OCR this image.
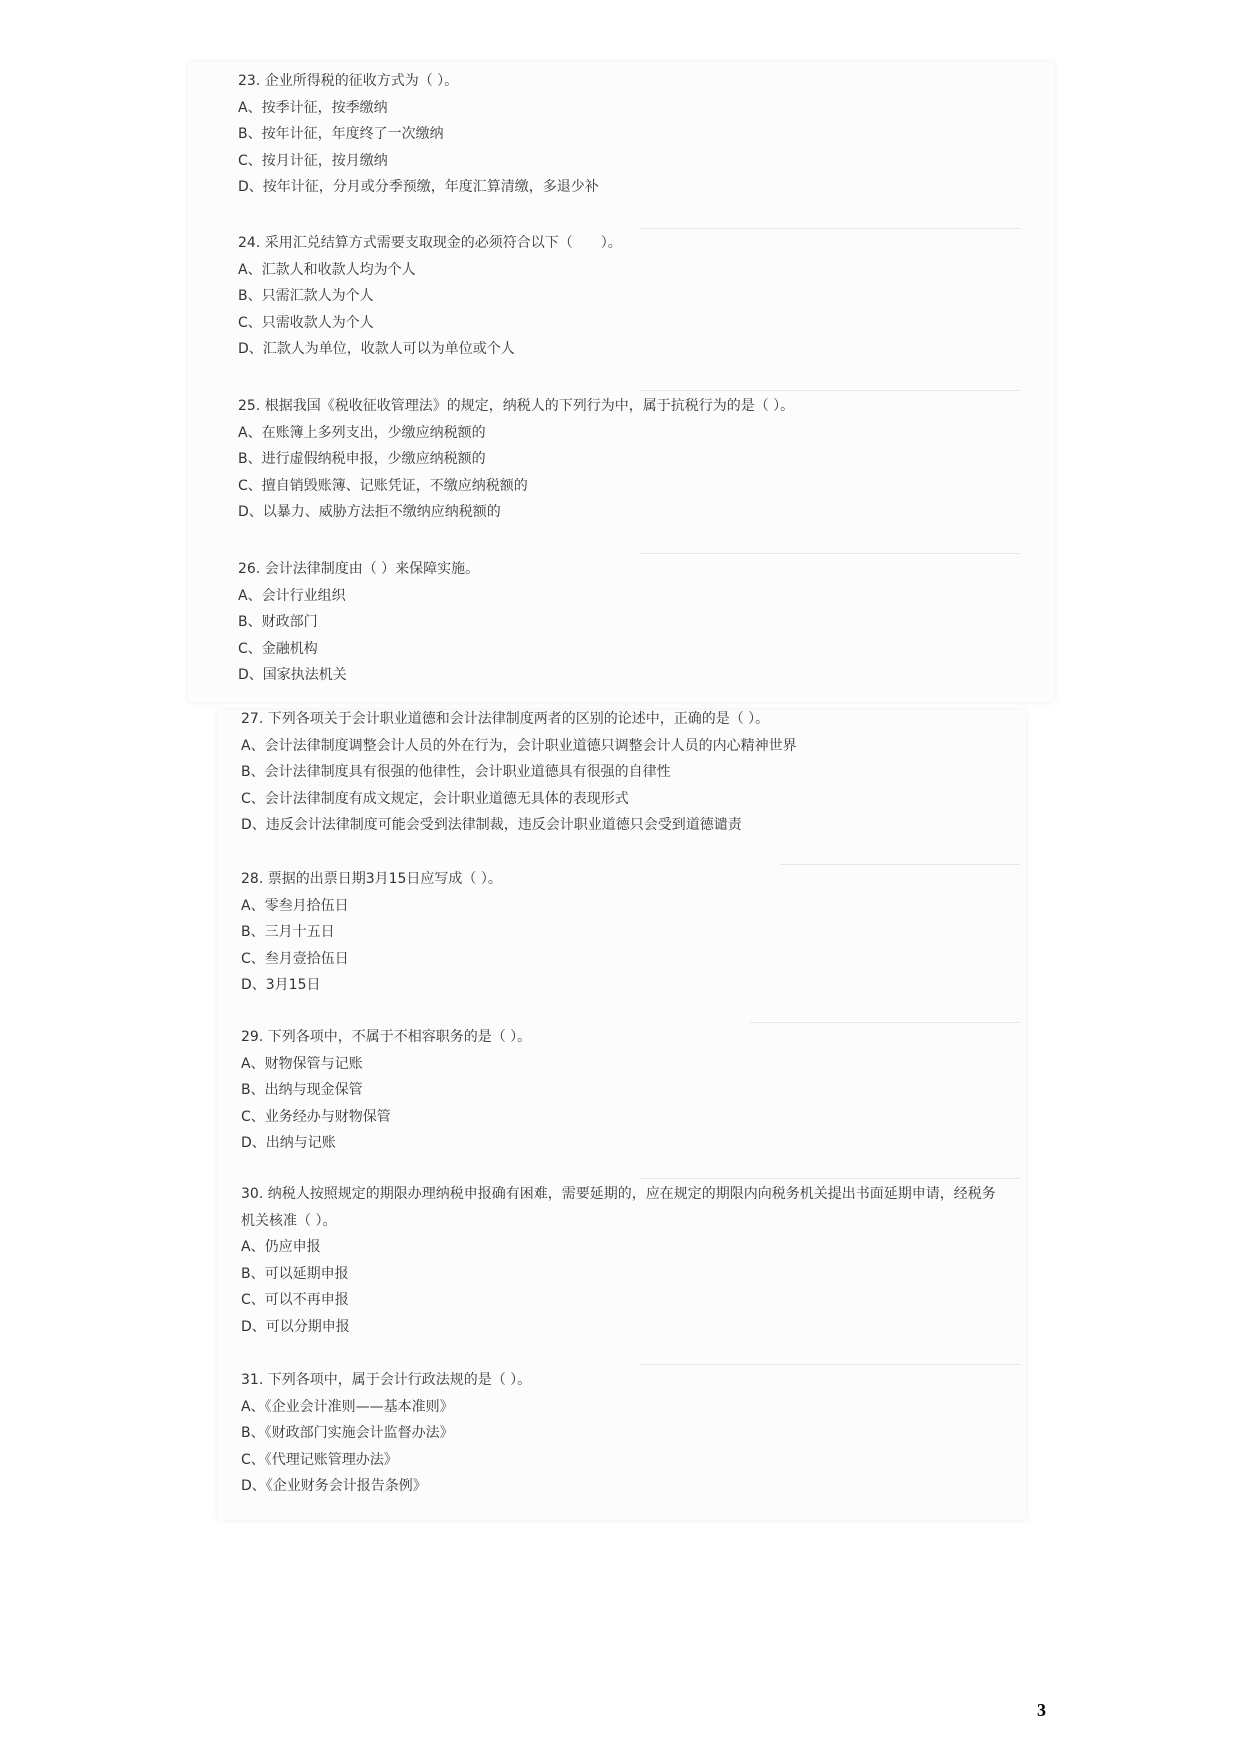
23. 企业所得税的征收方式为（ ）。

A、按季计征，按季缴纳

B、按年计征，年度终了一次缴纳

C、按月计征，按月缴纳

D、按年计征，分月或分季预缴，年度汇算清缴，多退少补

24. 采用汇兑结算方式需要支取现金的必须符合以下（　　）。

A、汇款人和收款人均为个人

B、只需汇款人为个人

C、只需收款人为个人

D、汇款人为单位，收款人可以为单位或个人

25. 根据我国《税收征收管理法》的规定，纳税人的下列行为中，属于抗税行为的是（ ）。

A、在账簿上多列支出，少缴应纳税额的

B、进行虚假纳税申报，少缴应纳税额的

C、擅自销毁账簿、记账凭证，不缴应纳税额的

D、以暴力、威胁方法拒不缴纳应纳税额的

26. 会计法律制度由（ ）来保障实施。

A、会计行业组织

B、财政部门

C、金融机构

D、国家执法机关

27. 下列各项关于会计职业道德和会计法律制度两者的区别的论述中，正确的是（ ）。

A、会计法律制度调整会计人员的外在行为，会计职业道德只调整会计人员的内心精神世界

B、会计法律制度具有很强的他律性，会计职业道德具有很强的自律性

C、会计法律制度有成文规定，会计职业道德无具体的表现形式

D、违反会计法律制度可能会受到法律制裁，违反会计职业道德只会受到道德谴责

28. 票据的出票日期3月15日应写成（ ）。

A、零叁月拾伍日

B、三月十五日

C、叁月壹拾伍日

D、3月15日

29. 下列各项中，不属于不相容职务的是（ ）。

A、财物保管与记账

B、出纳与现金保管

C、业务经办与财物保管

D、出纳与记账

30. 纳税人按照规定的期限办理纳税申报确有困难，需要延期的，应在规定的期限内向税务机关提出书面延期申请，经税务机关核准（ ）。

A、仍应申报

B、可以延期申报

C、可以不再申报

D、可以分期申报

31. 下列各项中，属于会计行政法规的是（ ）。

A、《企业会计准则——基本准则》

B、《财政部门实施会计监督办法》

C、《代理记账管理办法》

D、《企业财务会计报告条例》

3
